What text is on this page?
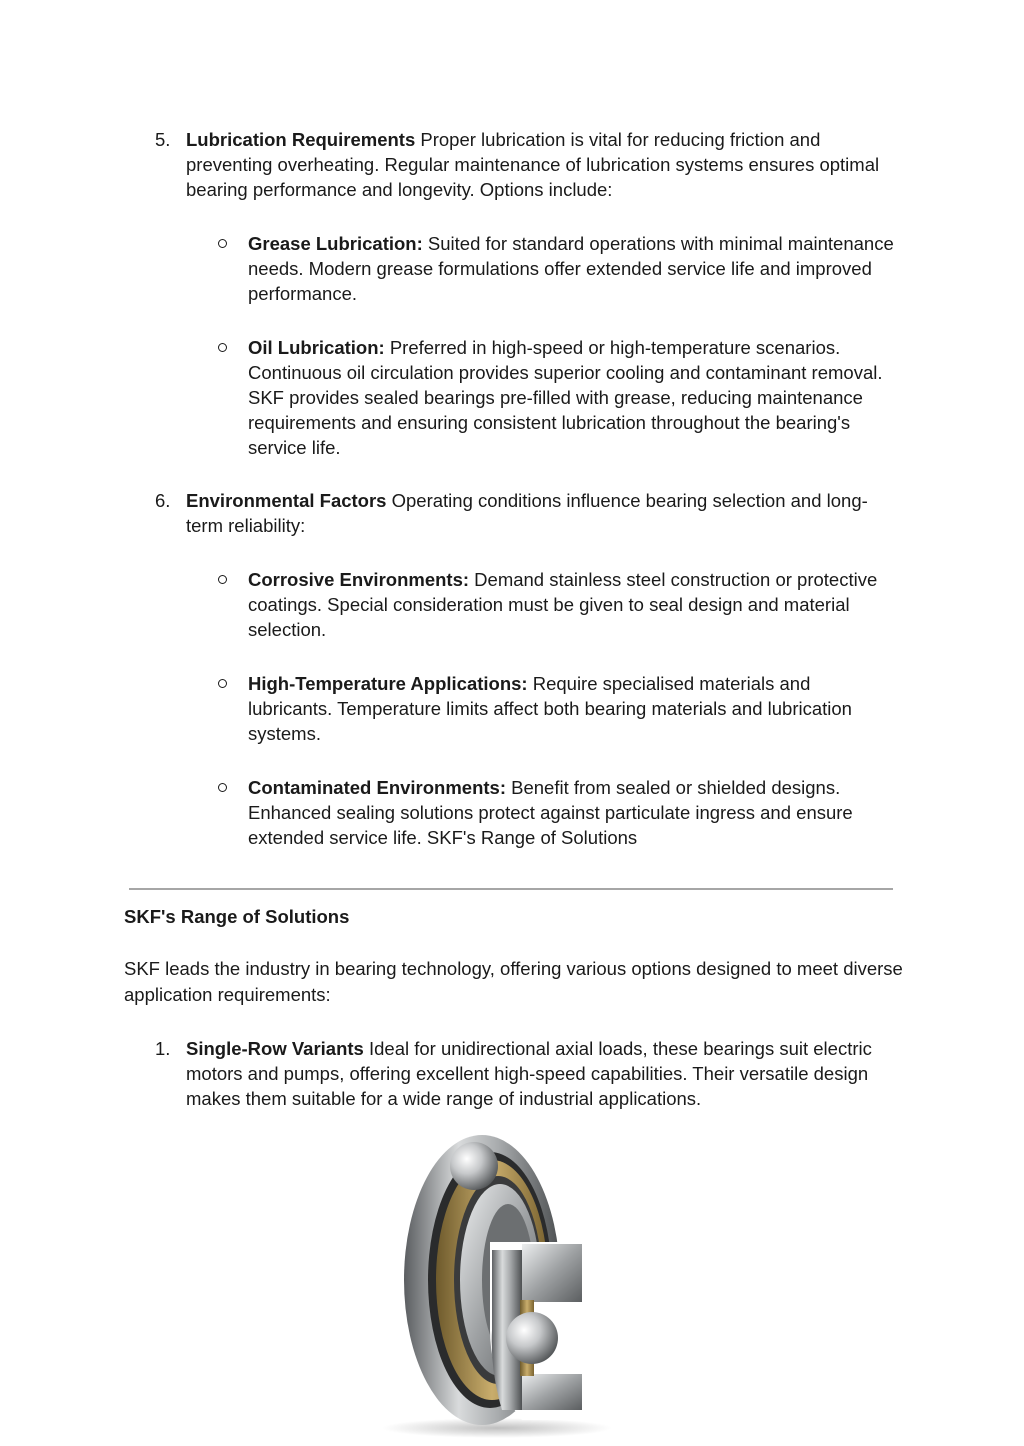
5. Lubrication Requirements Proper lubrication is vital for reducing friction and preventing overheating. Regular maintenance of lubrication systems ensures optimal bearing performance and longevity. Options include:
Grease Lubrication: Suited for standard operations with minimal maintenance needs. Modern grease formulations offer extended service life and improved performance.
Oil Lubrication: Preferred in high-speed or high-temperature scenarios. Continuous oil circulation provides superior cooling and contaminant removal. SKF provides sealed bearings pre-filled with grease, reducing maintenance requirements and ensuring consistent lubrication throughout the bearing's service life.
6. Environmental Factors Operating conditions influence bearing selection and long-term reliability:
Corrosive Environments: Demand stainless steel construction or protective coatings. Special consideration must be given to seal design and material selection.
High-Temperature Applications: Require specialised materials and lubricants. Temperature limits affect both bearing materials and lubrication systems.
Contaminated Environments: Benefit from sealed or shielded designs. Enhanced sealing solutions protect against particulate ingress and ensure extended service life. SKF's Range of Solutions
SKF's Range of Solutions
SKF leads the industry in bearing technology, offering various options designed to meet diverse application requirements:
1. Single-Row Variants Ideal for unidirectional axial loads, these bearings suit electric motors and pumps, offering excellent high-speed capabilities. Their versatile design makes them suitable for a wide range of industrial applications.
